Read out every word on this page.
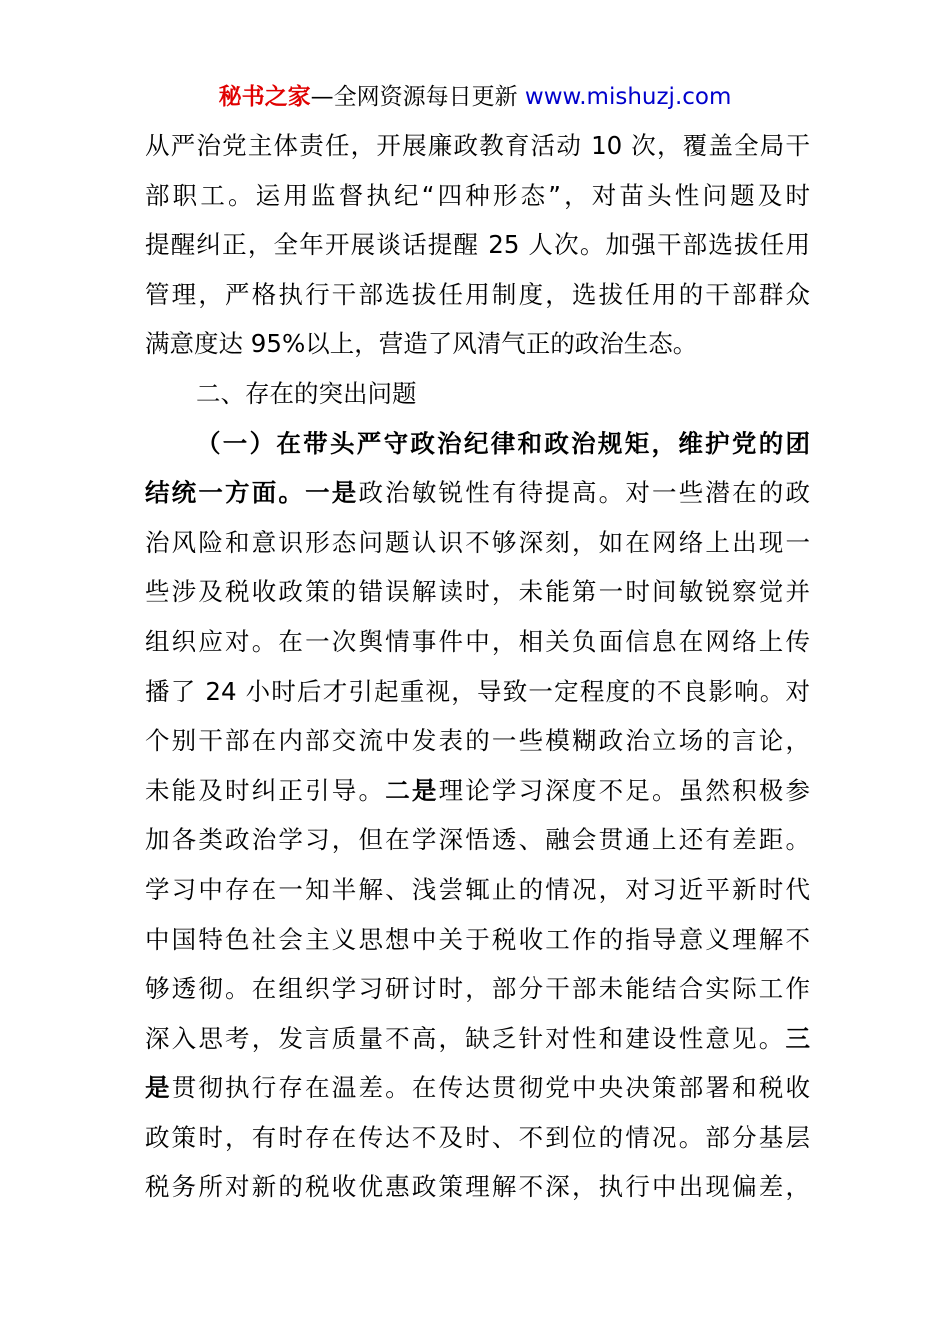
秘书之家—全网资源每日更新 www.mishuzj.com
从严治党主体责任，开展廉政教育活动 10 次，覆盖全局干
部职工。运用监督执纪“四种形态”，对苗头性问题及时
提醒纠正，全年开展谈话提醒 25 人次。加强干部选拔任用
管理，严格执行干部选拔任用制度，选拔任用的干部群众
满意度达 95%以上，营造了风清气正的政治生态。
二、存在的突出问题
（一）在带头严守政治纪律和政治规矩，维护党的团
结统一方面。一是政治敏锐性有待提高。对一些潜在的政
治风险和意识形态问题认识不够深刻，如在网络上出现一
些涉及税收政策的错误解读时，未能第一时间敏锐察觉并
组织应对。在一次舆情事件中，相关负面信息在网络上传
播了 24 小时后才引起重视，导致一定程度的不良影响。对
个别干部在内部交流中发表的一些模糊政治立场的言论，
未能及时纠正引导。二是理论学习深度不足。虽然积极参
加各类政治学习，但在学深悟透、融会贯通上还有差距。
学习中存在一知半解、浅尝辄止的情况，对习近平新时代
中国特色社会主义思想中关于税收工作的指导意义理解不
够透彻。在组织学习研讨时，部分干部未能结合实际工作
深入思考，发言质量不高，缺乏针对性和建设性意见。三
是贯彻执行存在温差。在传达贯彻党中央决策部署和税收
政策时，有时存在传达不及时、不到位的情况。部分基层
税务所对新的税收优惠政策理解不深，执行中出现偏差，
